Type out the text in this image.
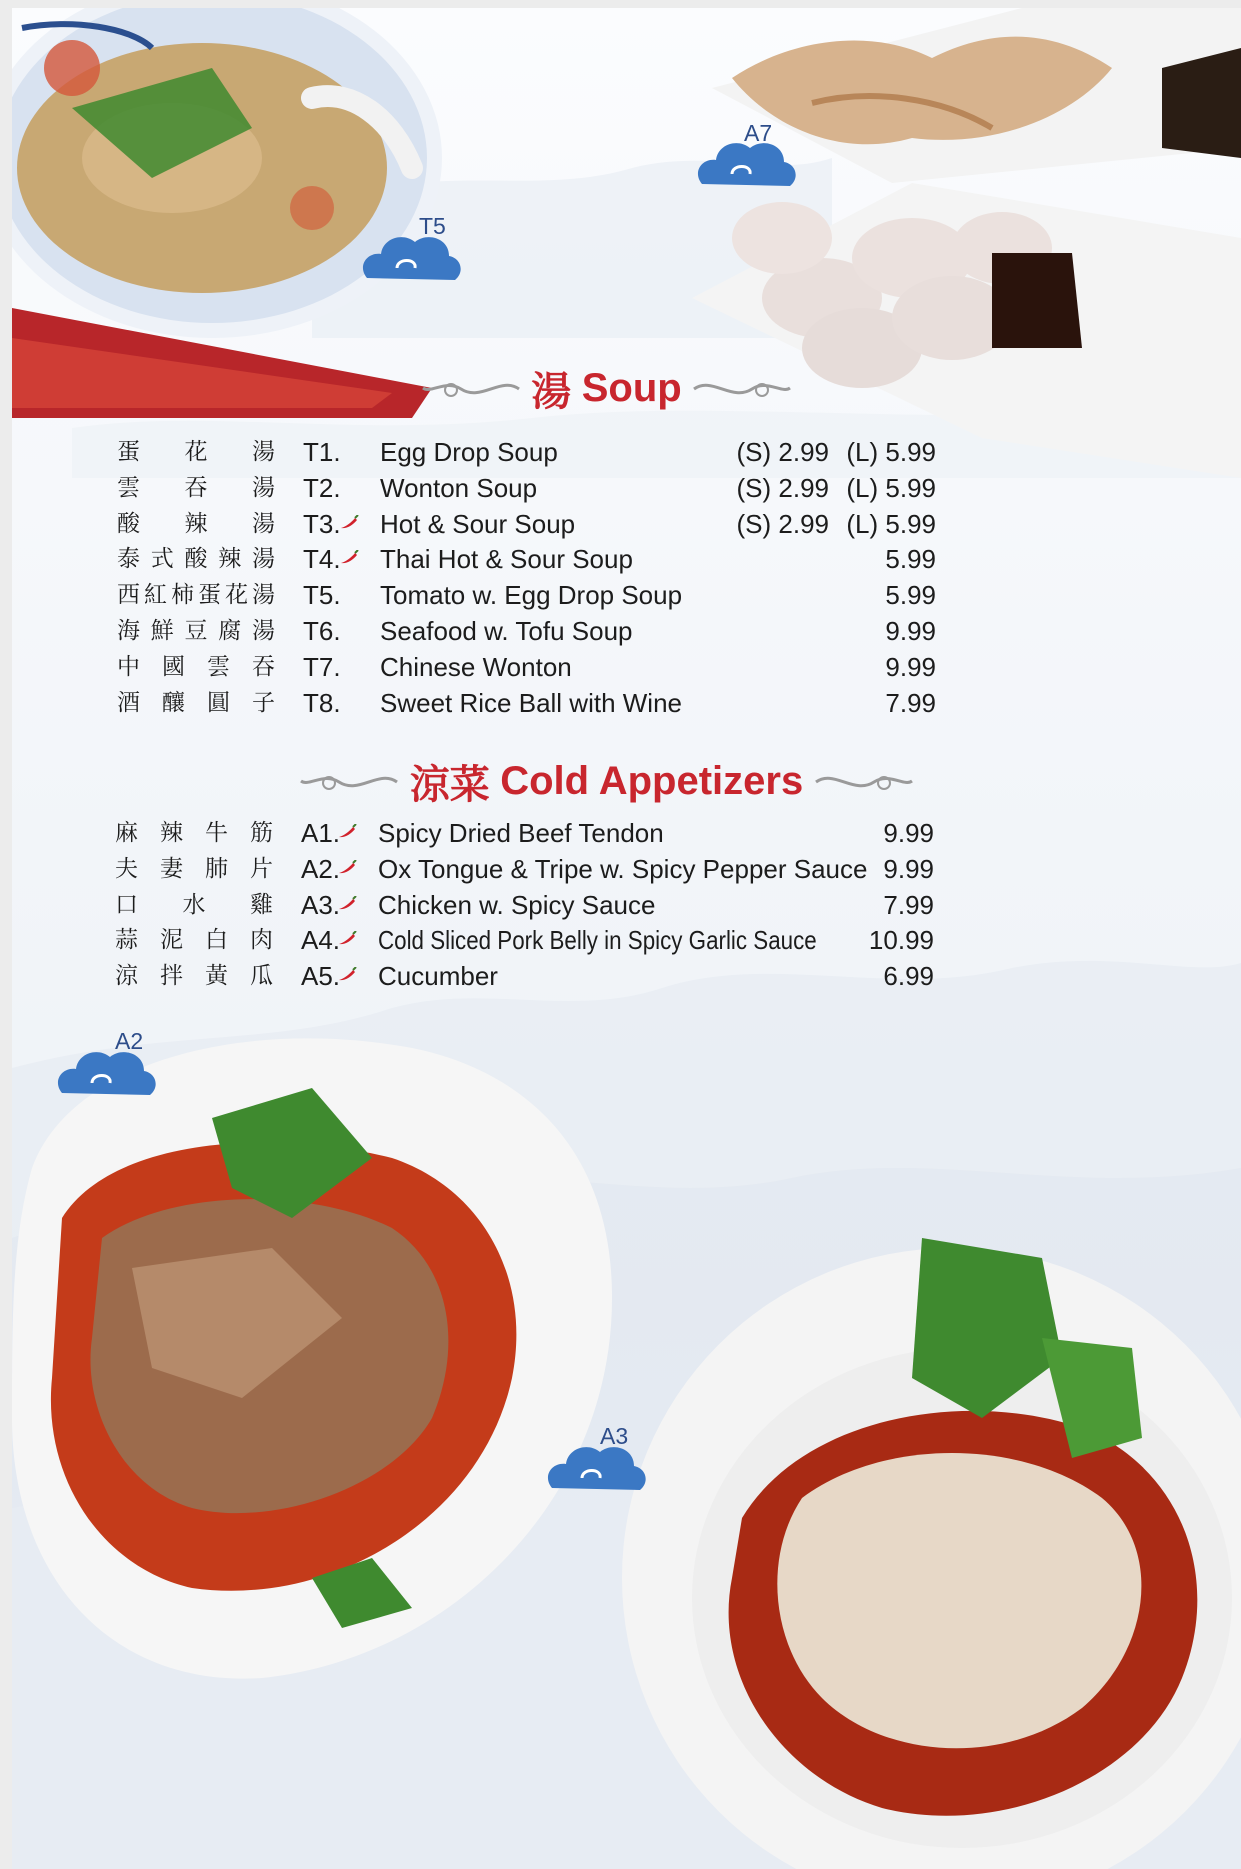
T5
A7
湯 Soup
蛋 花 湯 T1. Egg Drop Soup	(S) 2.99 (L) 5.99
雲 吞 湯 T2. Wonton Soup	(S) 2.99 (L) 5.99
酸 辣 湯 T3. Hot & Sour Soup	(S) 2.99 (L) 5.99
泰 式 酸 辣 湯 T4. Thai Hot & Sour Soup	5.99
西 紅 柿 蛋 花 湯 T5. Tomato w. Egg Drop Soup	5.99
海 鮮 豆 腐 湯 T6. Seafood w. Tofu Soup	9.99
中 國 雲 吞 T7. Chinese Wonton	9.99
酒 釀 圓 子 T8. Sweet Rice Ball with Wine	7.99
涼菜 Cold Appetizers
麻 辣 牛 筋 A1. Spicy Dried Beef Tendon	9.99
夫 妻 肺 片 A2. Ox Tongue & Tripe w. Spicy Pepper Sauce 9.99
口 水 雞 A3. Chicken w. Spicy Sauce	7.99
蒜 泥 白 肉 A4. Cold Sliced Pork Belly in Spicy Garlic Sauce	10.99
涼 拌 黃 瓜 A5. Cucumber	6.99
A2
A3
